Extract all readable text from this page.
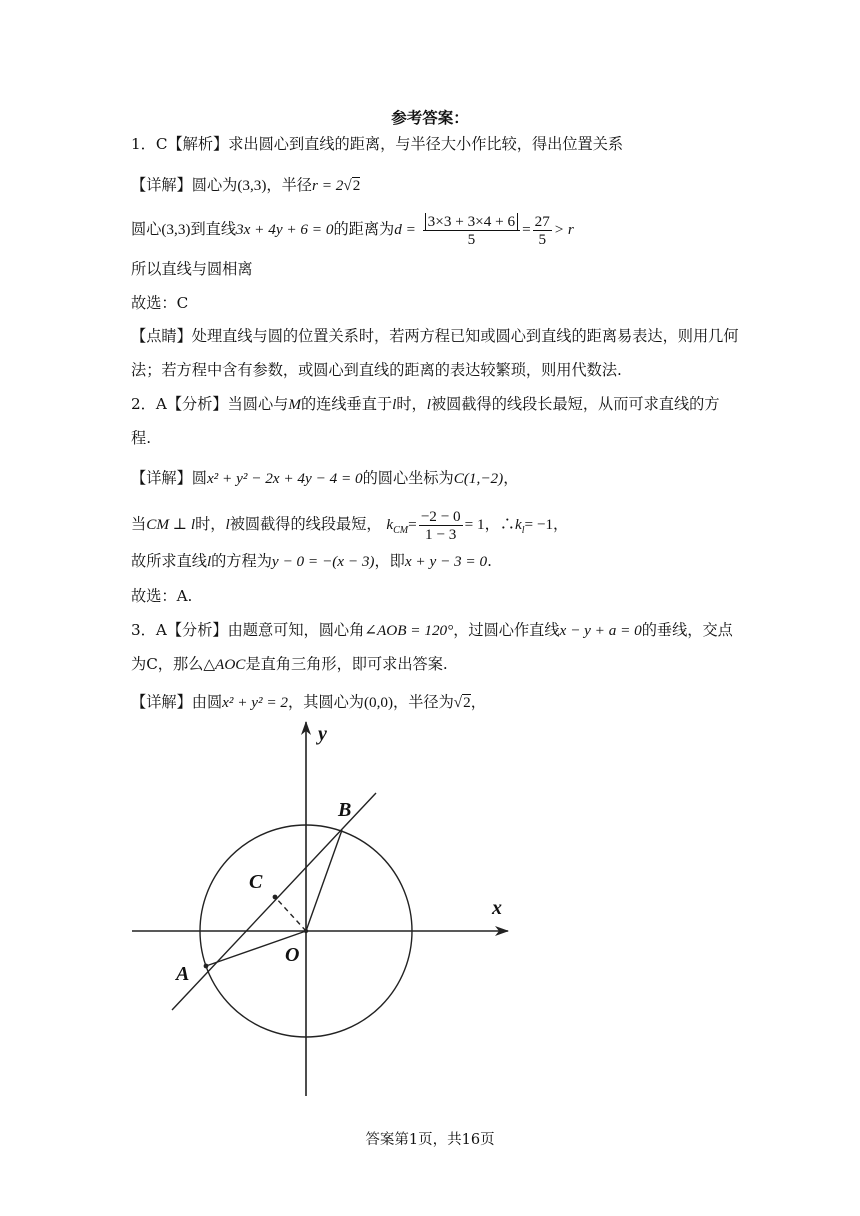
参考答案：
1．C【解析】求出圆心到直线的距离，与半径大小作比较，得出位置关系
【详解】圆心为(3,3)，半径r = 2√2
圆心(3,3)到直线3x + 4y + 6 = 0的距离为$d = \frac{3\times 3 + 3\times 4 + 6}{5} = \frac{27}{5} > r$
所以直线与圆相离
故选：C
【点睛】处理直线与圆的位置关系时，若两方程已知或圆心到直线的距离易表达，则用几何
法；若方程中含有参数，或圆心到直线的距离的表达较繁琐，则用代数法.
2．A【分析】当圆心与M的连线垂直于l时，l被圆截得的线段长最短，从而可求直线的方
程.
【详解】圆x² + y² − 2x + 4y − 4 = 0的圆心坐标为C(1,−2)，
当CM ⊥ l时，l被圆截得的线段最短， $k_{CM}= \frac{-2 - 0}{1 - 3} = 1$，$\therefore k_l= -1$，
故所求直线l的方程为y − 0 = −(x − 3)，即x + y − 3 = 0.
故选：A.
3．A【分析】由题意可知，圆心角∠AOB = 120°，过圆心作直线x − y + a = 0的垂线，交点
为C，那么△AOC是直角三角形，即可求出答案.
【详解】由圆x² + y² = 2，其圆心为(0,0)，半径为√2，
y
x
B
C
O
A
答案第1页，共16页
